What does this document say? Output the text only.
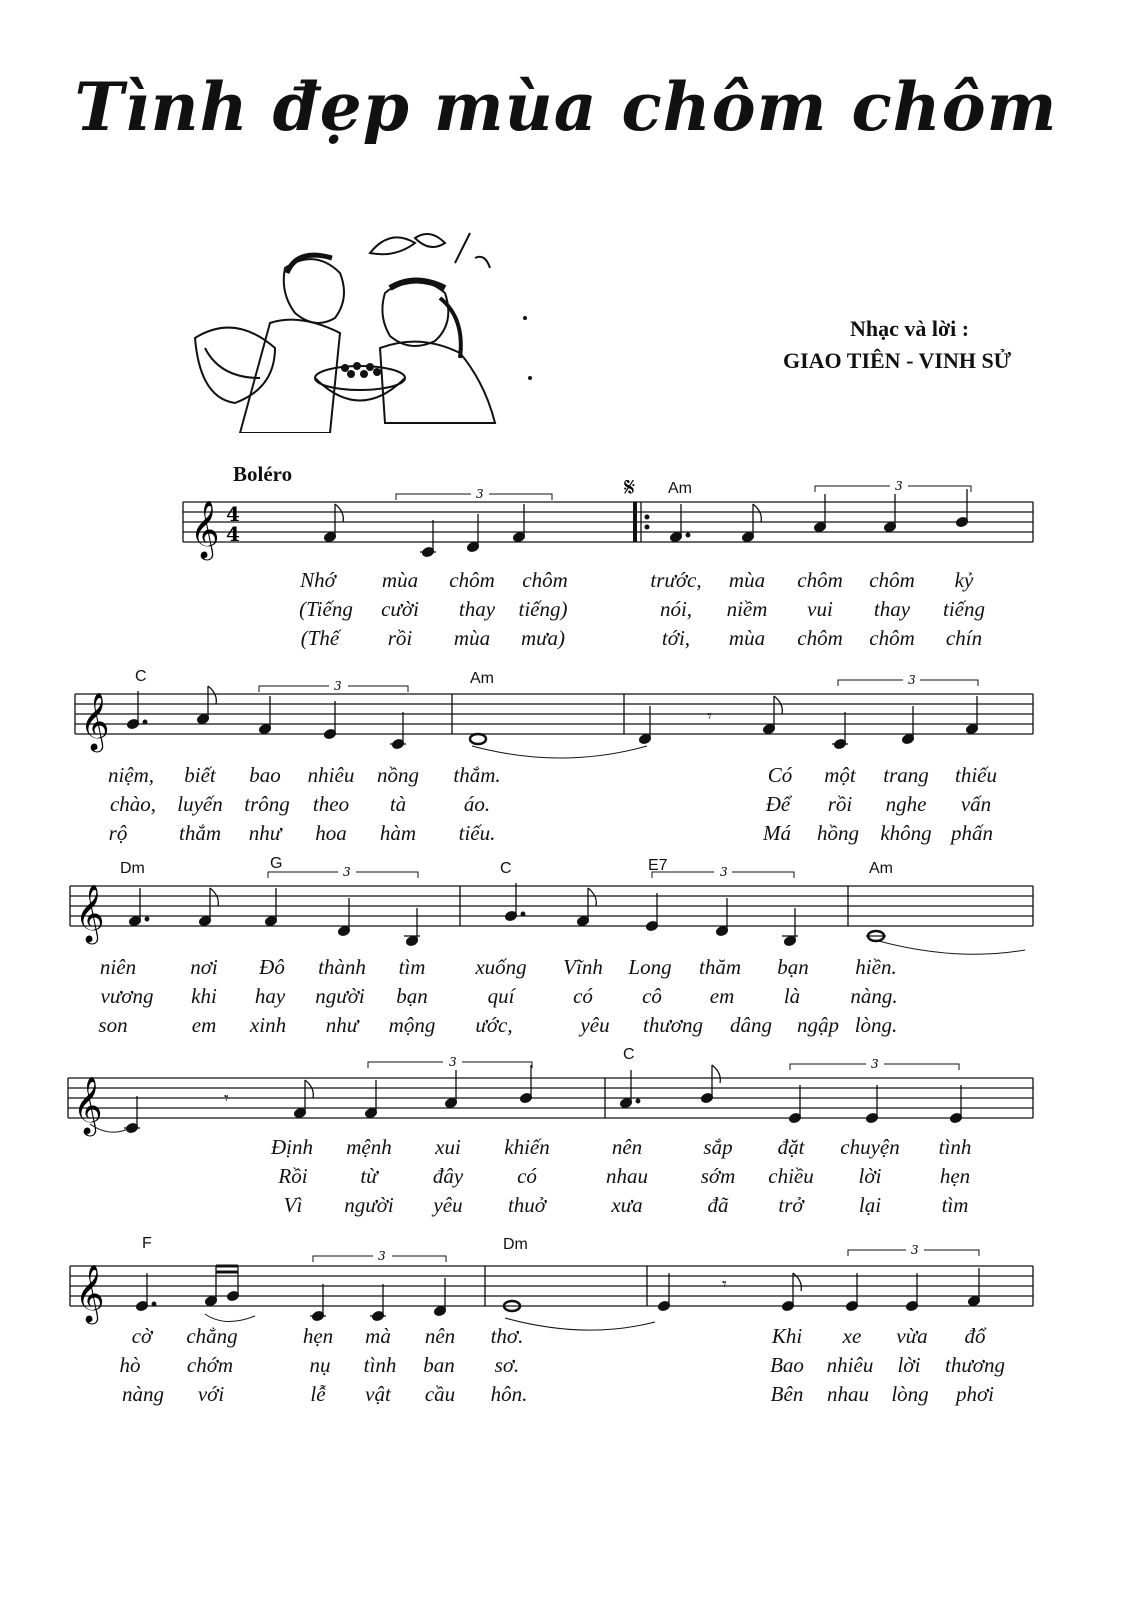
Tình đẹp mùa chôm chôm
Nhạc và lời :
GIAO TIÊN - VINH SỬ
Boléro
𝄞 4
4
𝄋
3
3
Am
Nhớ mùa chôm chôm	trước, mùa chôm chôm kỷ
(Tiếng cười thay tiếng)	nói, niềm vui thay tiếng
(Thế rồi mùa mưa)	tới, mùa chôm chôm chín
𝄞
3	3
𝄾
C	Am
niệm, biết bao nhiêu nồng thắm.	Có một trang thiếu
chào, luyến trông theo tà	áo.	Để rồi nghe vấn
rộ thắm như hoa hàm tiếu.	Má hồng không phấn
𝄞
3	3
Dm	G	C	E7	Am
niên	nơi Đô thành tìm xuống Vĩnh Long thăm bạn hiền.
vương khi hay người bạn	quí	có cô em là nàng.
son	em xinh như mộng ước,	yêu thương dâng ngập lòng.
𝄞
3	3
𝄾
C
Định mệnh xui khiến	nên	sắp đặt chuyện tình
Rồi	từ	đây	có	nhau	sớm chiều lời	hẹn
Vì người yêu thuở	xưa	đã trở	lại	tìm
𝄞
3	3
𝄾
F	Dm
cờ chẳng	hẹn mà nên thơ.	Khi xe vừa đổ
hò chớm	nụ tình ban sơ.	Bao nhiêu lời thương
nàng với	lễ vật cầu hôn.	Bên nhau lòng phơi
